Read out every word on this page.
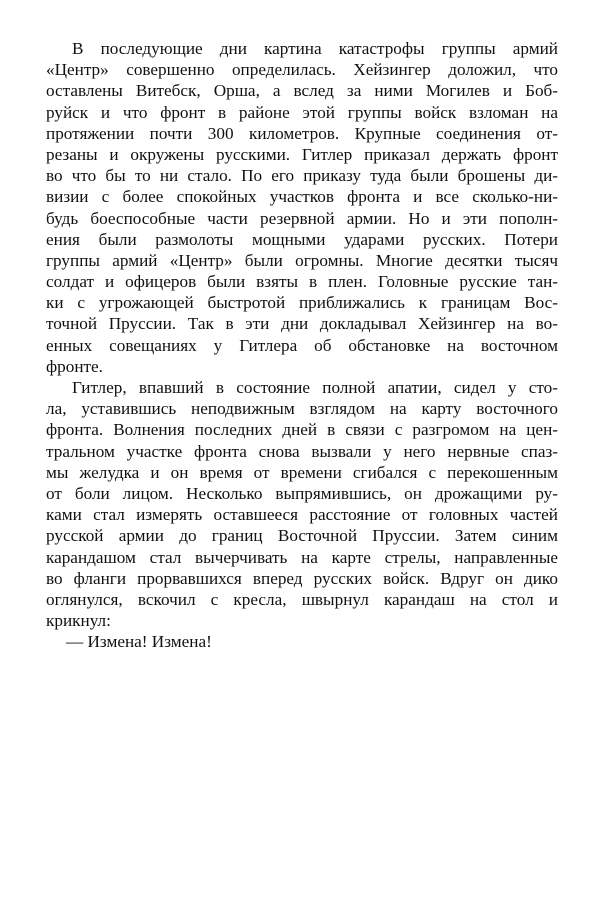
В последующие дни картина катастрофы группы армий
«Центр» совершенно определилась. Хейзингер доложил, что
оставлены Витебск, Орша, а вслед за ними Могилев и Боб-
руйск и что фронт в районе этой группы войск взломан на
протяжении почти 300 километров. Крупные соединения от-
резаны и окружены русскими. Гитлер приказал держать фронт
во что бы то ни стало. По его приказу туда были брошены ди-
визии с более спокойных участков фронта и все сколько-ни-
будь боеспособные части резервной армии. Но и эти пополн-
ения были размолоты мощными ударами русских. Потери
группы армий «Центр» были огромны. Многие десятки тысяч
солдат и офицеров были взяты в плен. Головные русские тан-
ки с угрожающей быстротой приближались к границам Вос-
точной Пруссии. Так в эти дни докладывал Хейзингер на во-
енных совещаниях у Гитлера об обстановке на восточном
фронте.
Гитлер, впавший в состояние полной апатии, сидел у сто-
ла, уставившись неподвижным взглядом на карту восточного
фронта. Волнения последних дней в связи с разгромом на цен-
тральном участке фронта снова вызвали у него нервные спаз-
мы желудка и он время от времени сгибался с перекошенным
от боли лицом. Несколько выпрямившись, он дрожащими ру-
ками стал измерять оставшееся расстояние от головных частей
русской армии до границ Восточной Пруссии. Затем синим
карандашом стал вычерчивать на карте стрелы, направленные
во фланги прорвавшихся вперед русских войск. Вдруг он дико
оглянулся, вскочил с кресла, швырнул карандаш на стол и
крикнул:
— Измена! Измена!
